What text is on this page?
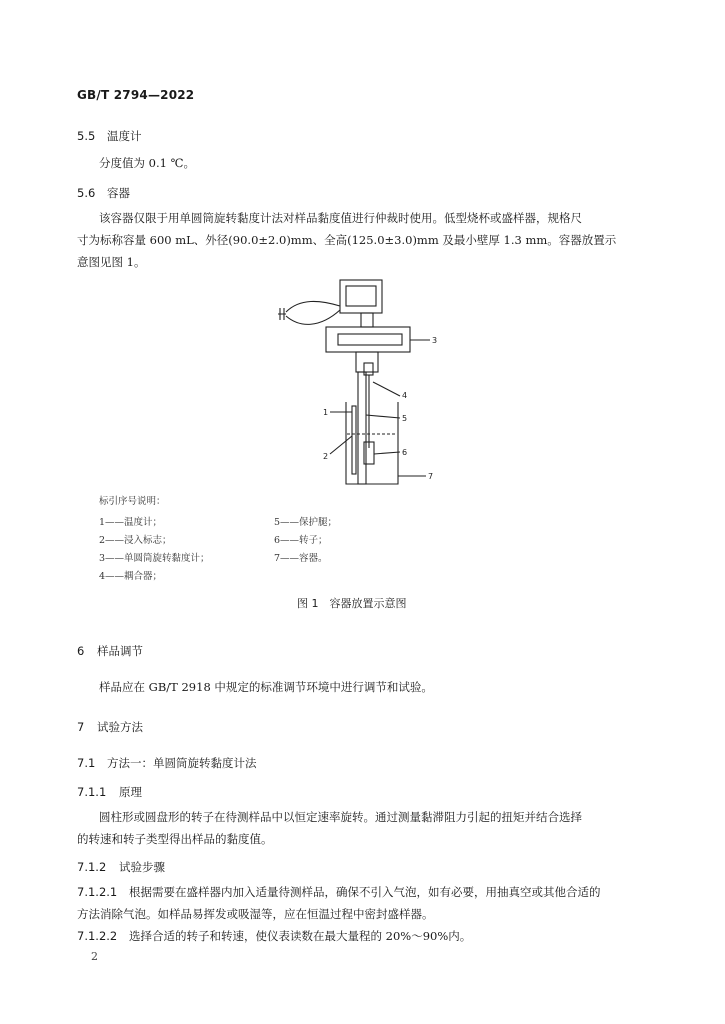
GB/T 2794—2022
5.5 温度计
分度值为 0.1 ℃。
5.6 容器
该容器仅限于用单圆筒旋转黏度计法对样品黏度值进行仲裁时使用。低型烧杯或盛样器，规格尺
寸为标称容量 600 mL、外径(90.0±2.0)mm、全高(125.0±3.0)mm 及最小壁厚 1.3 mm。容器放置示
意图见图 1。
3
4
5
6
7
1
2
标引序号说明：
1——温度计；
2——浸入标志；
3——单圆筒旋转黏度计；
4——耦合器；
5——保护腿；
6——转子；
7——容器。
图 1　容器放置示意图
6 样品调节
样品应在 GB/T 2918 中规定的标准调节环境中进行调节和试验。
7 试验方法
7.1 方法一：单圆筒旋转黏度计法
7.1.1 原理
圆柱形或圆盘形的转子在待测样品中以恒定速率旋转。通过测量黏滞阻力引起的扭矩并结合选择
的转速和转子类型得出样品的黏度值。
7.1.2 试验步骤
7.1.2.1 根据需要在盛样器内加入适量待测样品，确保不引入气泡，如有必要，用抽真空或其他合适的
方法消除气泡。如样品易挥发或吸湿等，应在恒温过程中密封盛样器。
7.1.2.2 选择合适的转子和转速，使仪表读数在最大量程的 20%～90%内。
2
